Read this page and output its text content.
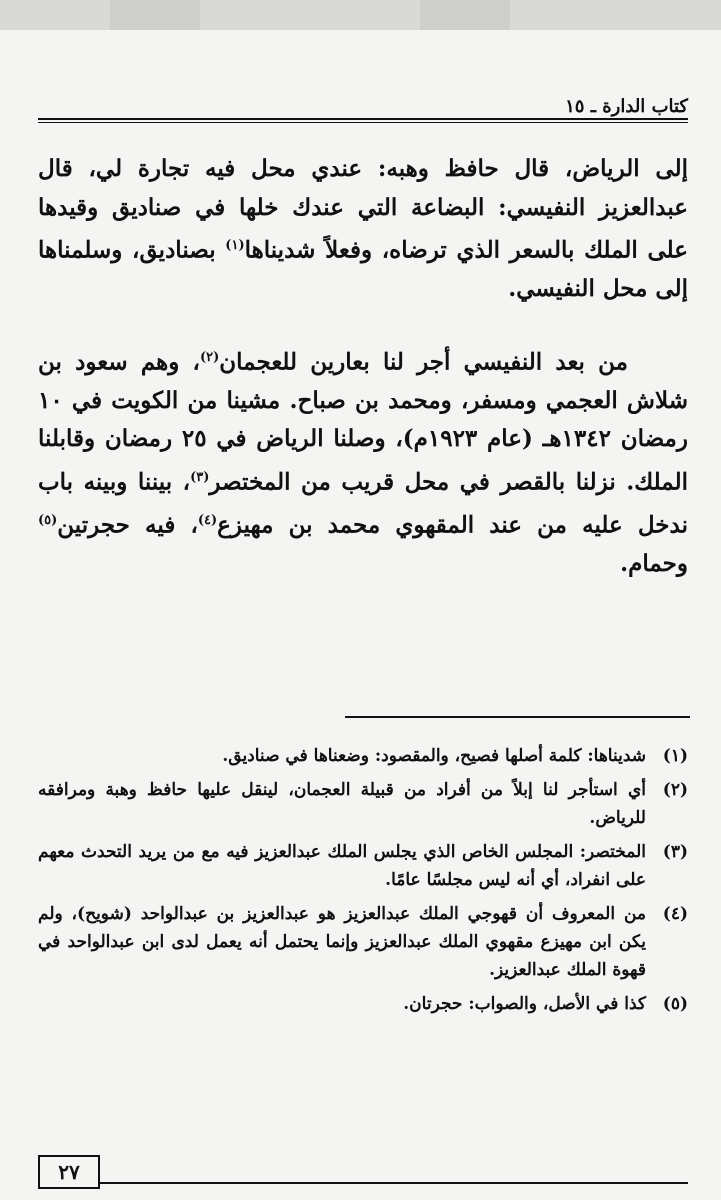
كتاب الدارة ـ ١٥

إلى الرياض، قال حافظ وهبه: عندي محل فيه تجارة لي، قال عبدالعزيز النفيسي: البضاعة التي عندك خلها في صناديق وقيدها على الملك بالسعر الذي ترضاه، وفعلاً شديناها$^{(١)}$ بصناديق، وسلمناها إلى محل النفيسي.

من بعد النفيسي أجر لنا بعارين للعجمان$^{(٢)}$، وهم سعود بن شلاش العجمي ومسفر، ومحمد بن صباح. مشينا من الكويت في ١٠ رمضان ١٣٤٢هـ (عام ١٩٢٣م)، وصلنا الرياض في ٢٥ رمضان وقابلنا الملك. نزلنا بالقصر في محل قريب من المختصر$^{(٣)}$، بيننا وبينه باب ندخل عليه من عند المقهوي محمد بن مهيزع$^{(٤)}$، فيه حجرتين$^{(٥)}$ وحمام.

(١)
شديناها: كلمة أصلها فصيح، والمقصود: وضعناها في صناديق.
(٢)
أي استأجر لنا إبلاً من أفراد من قبيلة العجمان، لينقل عليها حافظ وهبة ومرافقه للرياض.
(٣)
المختصر: المجلس الخاص الذي يجلس الملك عبدالعزيز فيه مع من يريد التحدث معهم على انفراد، أي أنه ليس مجلسًا عامًا.
(٤)
من المعروف أن قهوجي الملك عبدالعزيز هو عبدالعزيز بن عبدالواحد (شويح)، ولم يكن ابن مهيزع مقهوي الملك عبدالعزيز وإنما يحتمل أنه يعمل لدى ابن عبدالواحد في قهوة الملك عبدالعزيز.
(٥)
كذا في الأصل، والصواب: حجرتان.
٢٧
